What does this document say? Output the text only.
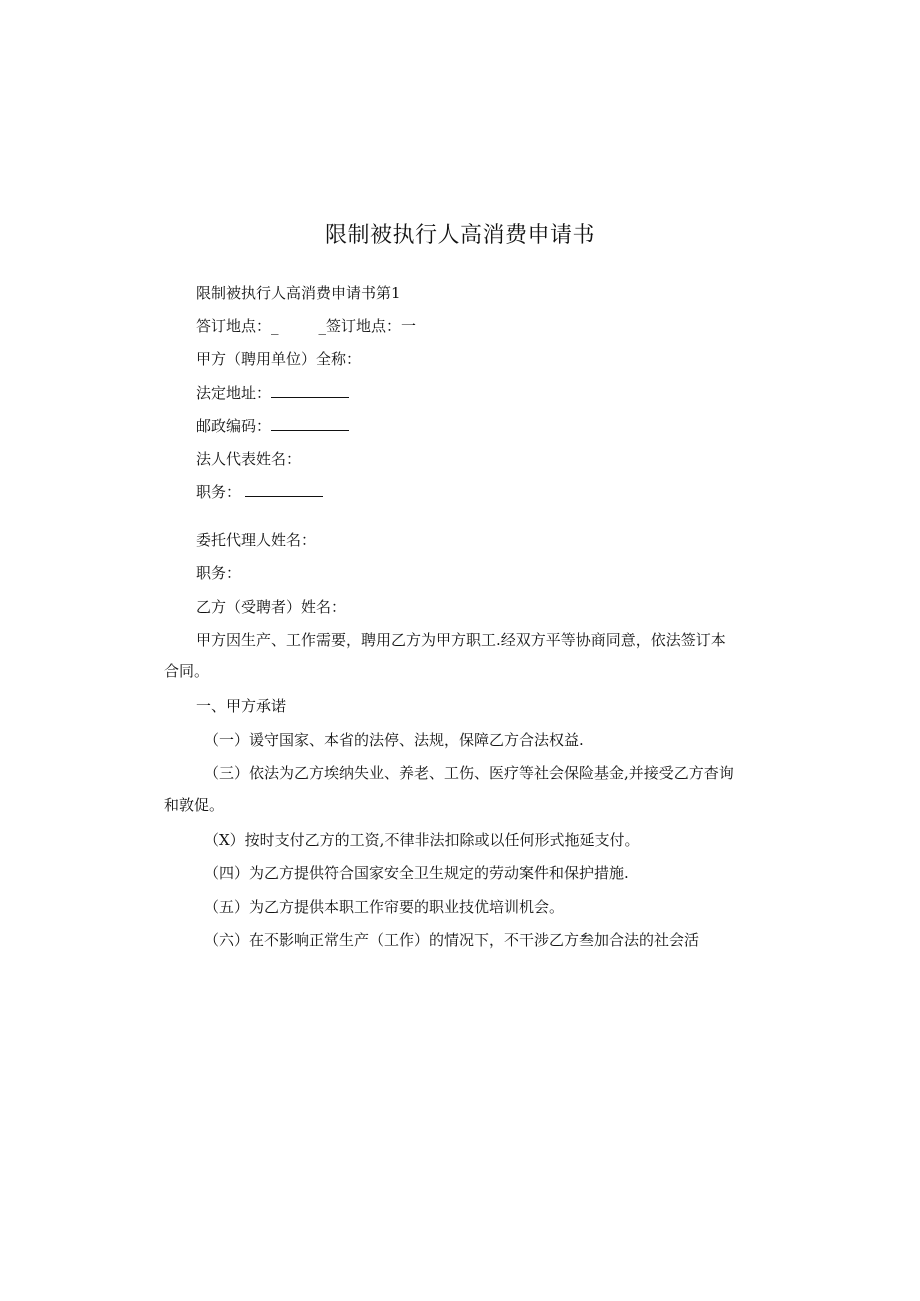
限制被执行人高消费申请书
限制被执行人高消费申请书第1
答订地点：_	_签订地点：一
甲方（聘用单位）全称：
法定地址：
邮政编码：
法人代表姓名：
职务：
委托代理人姓名：
职务：
乙方（受聘者）姓名：
甲方因生产、工作需要，聘用乙方为甲方职工.经双方平等协商同意，依法签订本
合同。
一、甲方承诺
（一）谖守国家、本省的法停、法规，保障乙方合法权益.
（三）依法为乙方埃纳失业、养老、工伤、医疗等社会保险基金,并接受乙方杳询
和敦促。
（X）按时支付乙方的工资,不律非法扣除或以任何形式拖延支付。
（四）为乙方提供符合国家安全卫生规定的劳动案件和保护措施.
（五）为乙方提供本职工作帘要的职业技优培训机会。
（六）在不影响正常生产（工作）的情况下，不干涉乙方叁加合法的社会活
